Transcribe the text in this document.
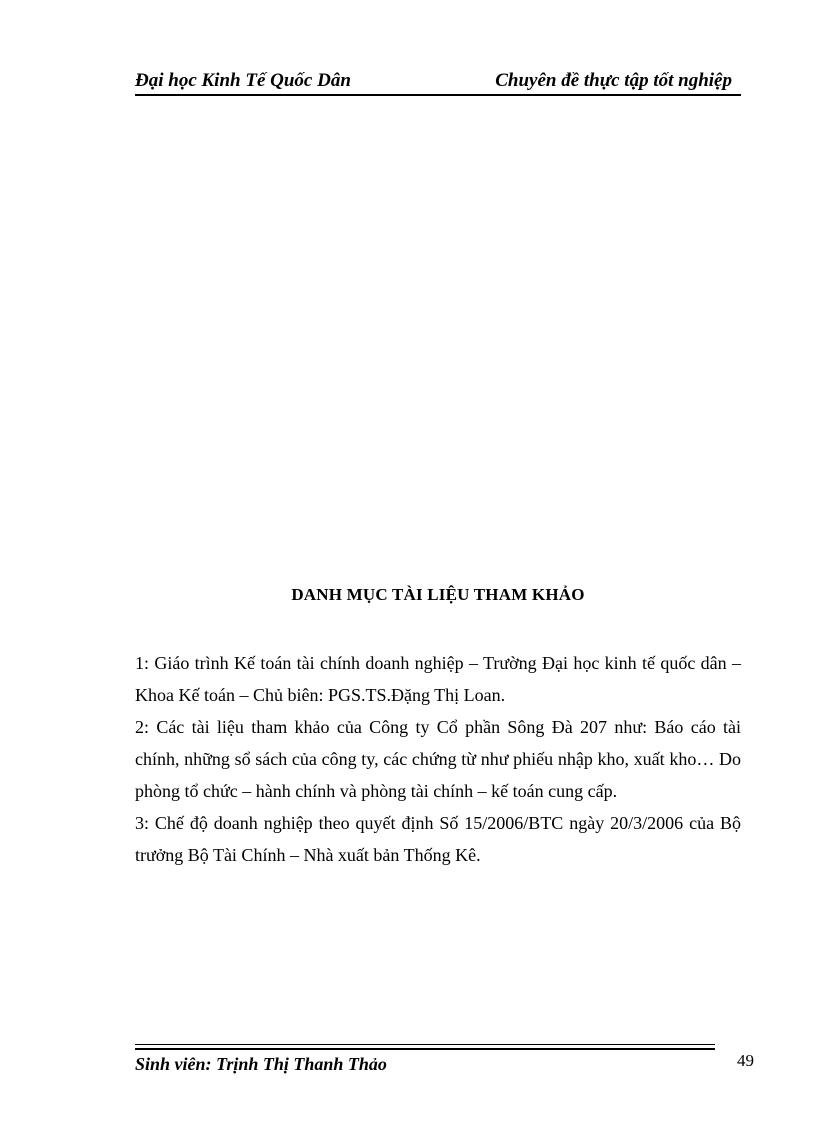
Đại học Kinh Tế Quốc Dân	Chuyên đề thực tập tốt nghiệp
DANH MỤC TÀI LIỆU THAM KHẢO

1: Giáo trình Kế toán tài chính doanh nghiệp – Trường Đại học kinh tế quốc dân – Khoa Kế toán – Chủ biên: PGS.TS.Đặng Thị Loan.

2: Các tài liệu tham khảo của Công ty Cổ phần Sông Đà 207 như: Báo cáo tài chính, những sổ sách của công ty, các chứng từ như phiếu nhập kho, xuất kho… Do phòng tổ chức – hành chính và phòng tài chính – kế toán cung cấp.

3: Chế độ doanh nghiệp theo quyết định Số 15/2006/BTC ngày 20/3/2006 của Bộ trưởng Bộ Tài Chính – Nhà xuất bản Thống Kê.

Sinh viên: Trịnh Thị Thanh Thảo	49
